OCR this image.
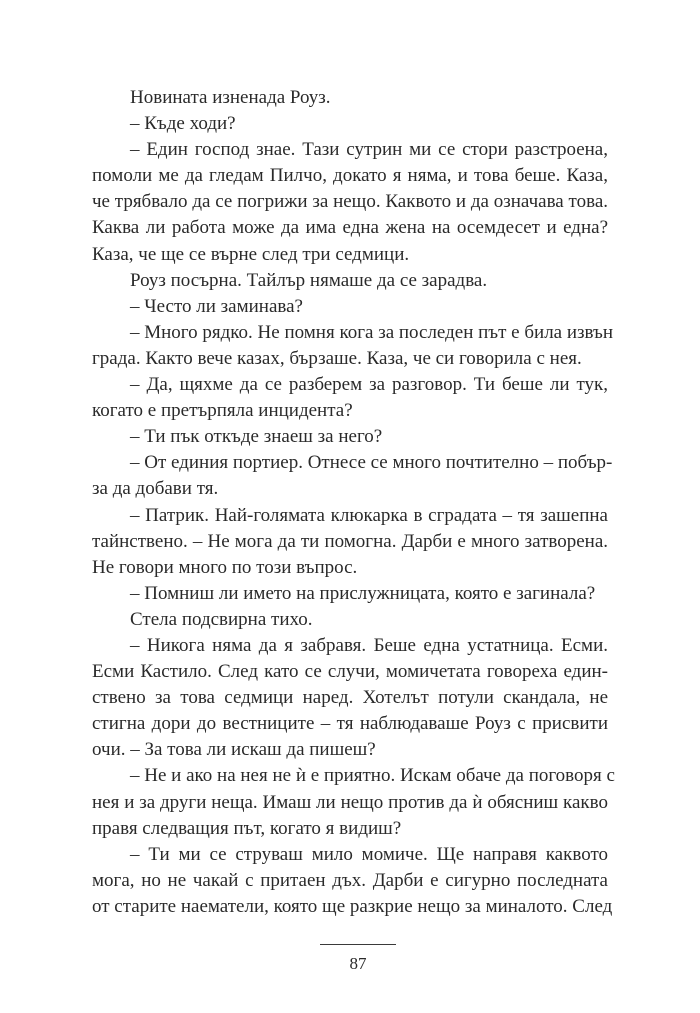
Новината изненада Роуз.
– Къде ходи?
– Един господ знае. Тази сутрин ми се стори разстроена,
помоли ме да гледам Пилчо, докато я няма, и това беше. Каза,
че трябвало да се погрижи за нещо. Каквото и да означава това.
Каква ли работа може да има една жена на осемдесет и една?
Каза, че ще се върне след три седмици.
Роуз посърна. Тайлър нямаше да се зарадва.
– Често ли заминава?
– Много рядко. Не помня кога за последен път е била извън
града. Както вече казах, бързаше. Каза, че си говорила с нея.
– Да, щяхме да се разберем за разговор. Ти беше ли тук,
когато е претърпяла инцидента?
– Ти пък откъде знаеш за него?
– От единия портиер. Отнесе се много почтително – побър-
за да добави тя.
– Патрик. Най-голямата клюкарка в сградата – тя зашепна
тайнствено. – Не мога да ти помогна. Дарби е много затворена.
Не говори много по този въпрос.
– Помниш ли името на прислужницата, която е загинала?
Стела подсвирна тихо.
– Никога няма да я забравя. Беше една устатница. Есми.
Есми Кастило. След като се случи, момичетата говореха един-
ствено за това седмици наред. Хотелът потули скандала, не
стигна дори до вестниците – тя наблюдаваше Роуз с присвити
очи. – За това ли искаш да пишеш?
– Не и ако на нея не ѝ е приятно. Искам обаче да поговоря с
нея и за други неща. Имаш ли нещо против да ѝ обясниш какво
правя следващия път, когато я видиш?
– Ти ми се струваш мило момиче. Ще направя каквото
мога, но не чакай с притаен дъх. Дарби е сигурно последната
от старите наематели, която ще разкрие нещо за миналото. След
87
